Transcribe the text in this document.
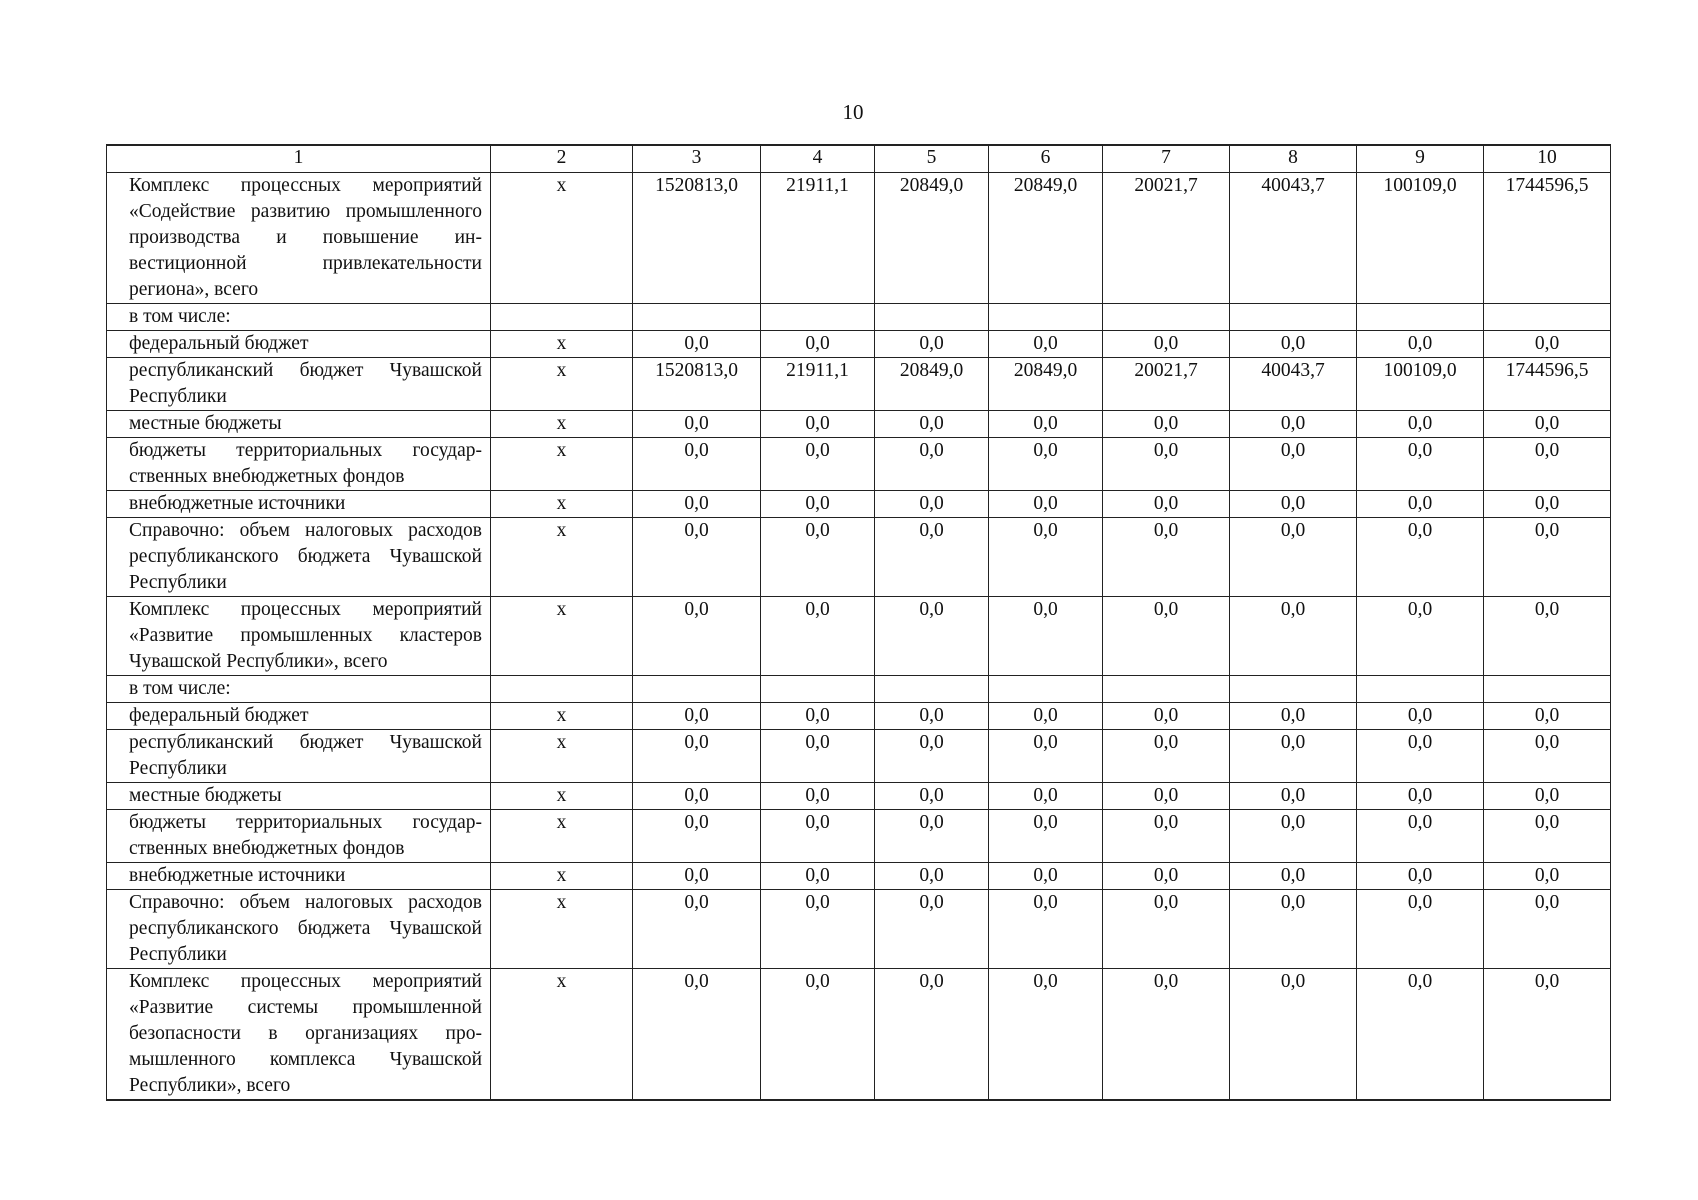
10
1	2	3	4	5	6	7	8	9	10
Комплекс процессных мероприятий «Содействие развитию промышленного производства и повышение инвестиционной привлекательности региона», всего	х	1520813,0	21911,1	20849,0	20849,0	20021,7	40043,7	100109,0	1744596,5
в том числе:									
федеральный бюджет	х	0,0	0,0	0,0	0,0	0,0	0,0	0,0	0,0
республиканский бюджет Чувашской Республики	х	1520813,0	21911,1	20849,0	20849,0	20021,7	40043,7	100109,0	1744596,5
местные бюджеты	х	0,0	0,0	0,0	0,0	0,0	0,0	0,0	0,0
бюджеты территориальных государственных внебюджетных фондов	х	0,0	0,0	0,0	0,0	0,0	0,0	0,0	0,0
внебюджетные источники	х	0,0	0,0	0,0	0,0	0,0	0,0	0,0	0,0
Справочно: объем налоговых расходов республиканского бюджета Чувашской Республики	х	0,0	0,0	0,0	0,0	0,0	0,0	0,0	0,0
Комплекс процессных мероприятий «Развитие промышленных кластеров Чувашской Республики», всего	х	0,0	0,0	0,0	0,0	0,0	0,0	0,0	0,0
в том числе:									
федеральный бюджет	х	0,0	0,0	0,0	0,0	0,0	0,0	0,0	0,0
республиканский бюджет Чувашской Республики	х	0,0	0,0	0,0	0,0	0,0	0,0	0,0	0,0
местные бюджеты	х	0,0	0,0	0,0	0,0	0,0	0,0	0,0	0,0
бюджеты территориальных государственных внебюджетных фондов	х	0,0	0,0	0,0	0,0	0,0	0,0	0,0	0,0
внебюджетные источники	х	0,0	0,0	0,0	0,0	0,0	0,0	0,0	0,0
Справочно: объем налоговых расходов республиканского бюджета Чувашской Республики	х	0,0	0,0	0,0	0,0	0,0	0,0	0,0	0,0
Комплекс процессных мероприятий «Развитие системы промышленной безопасности в организациях промышленного комплекса Чувашской Республики», всего	х	0,0	0,0	0,0	0,0	0,0	0,0	0,0	0,0
